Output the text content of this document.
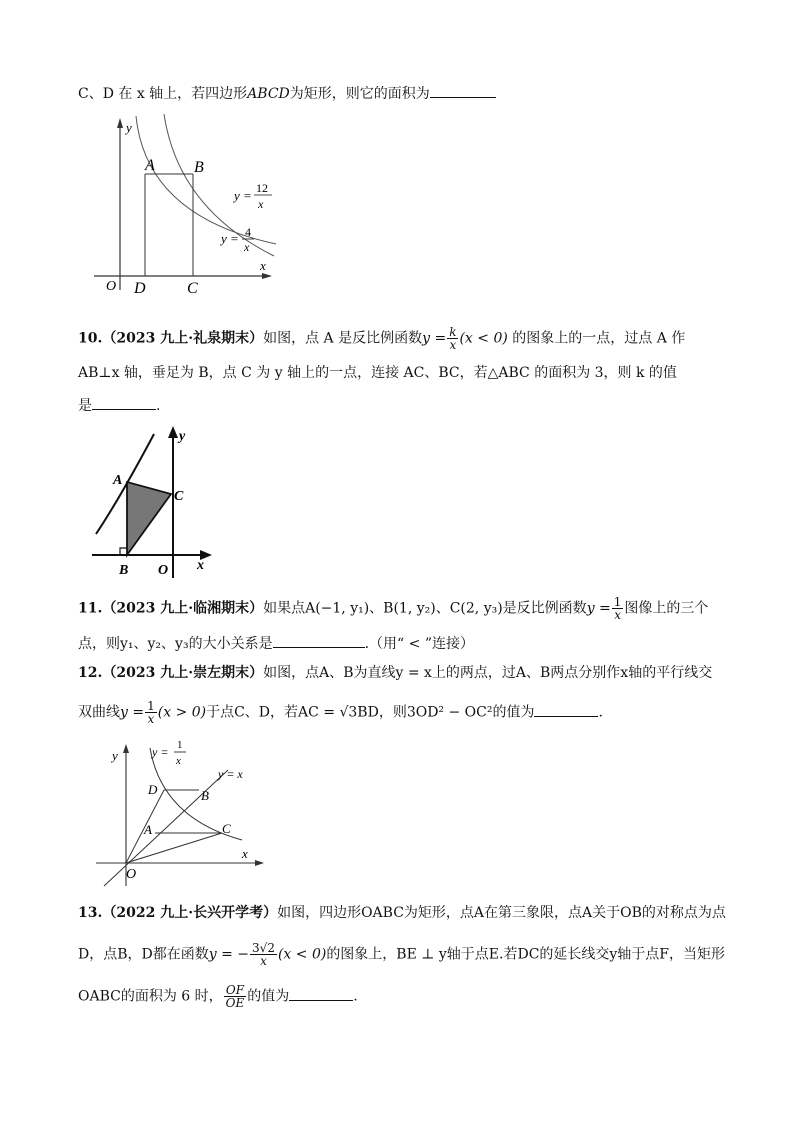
C、D 在 x 轴上，若四边形ABCD为矩形，则它的面积为
y
x
O
A B
D	C
y = 12
x
y = 4
x
10.（2023 九上·礼泉期末）如图，点 A 是反比例函数$y = \frac{k}{x} (x < 0)$ 的图象上的一点，过点 A 作
AB⊥x 轴，垂足为 B，点 C 为 y 轴上的一点，连接 AC、BC，若△ABC 的面积为 3，则 k 的值
是	.
A
C
B O
y
x
11.（2023 九上·临湘期末）如果点A(−1, y₁)、B(1, y₂)、C(2, y₃)是反比例函数$y = \frac{1}{x}$ 图像上的三个
点，则y₁、y₂、y₃的大小关系是	.（用“ < ”连接）
12.（2023 九上·崇左期末）如图，点A、B为直线y = x上的两点，过A、B两点分别作x轴的平行线交
双曲线$y = \frac{1}{x} (x > 0)$于点C、D，若AC = √3BD，则3OD² − OC²的值为	.
y
x
O
D	B
A	C
y = 1
x
y = x
13.（2022 九上·长兴开学考）如图，四边形OABC为矩形，点A在第三象限，点A关于OB的对称点为点
D，点B，D都在函数y = − $\frac{3√2}{x} (x < 0)$的图象上，BE ⊥ y轴于点E.若DC的延长线交y轴于点F，当矩形
OABC的面积为 6 时， $\frac{OF}{OE}$ 的值为	.
